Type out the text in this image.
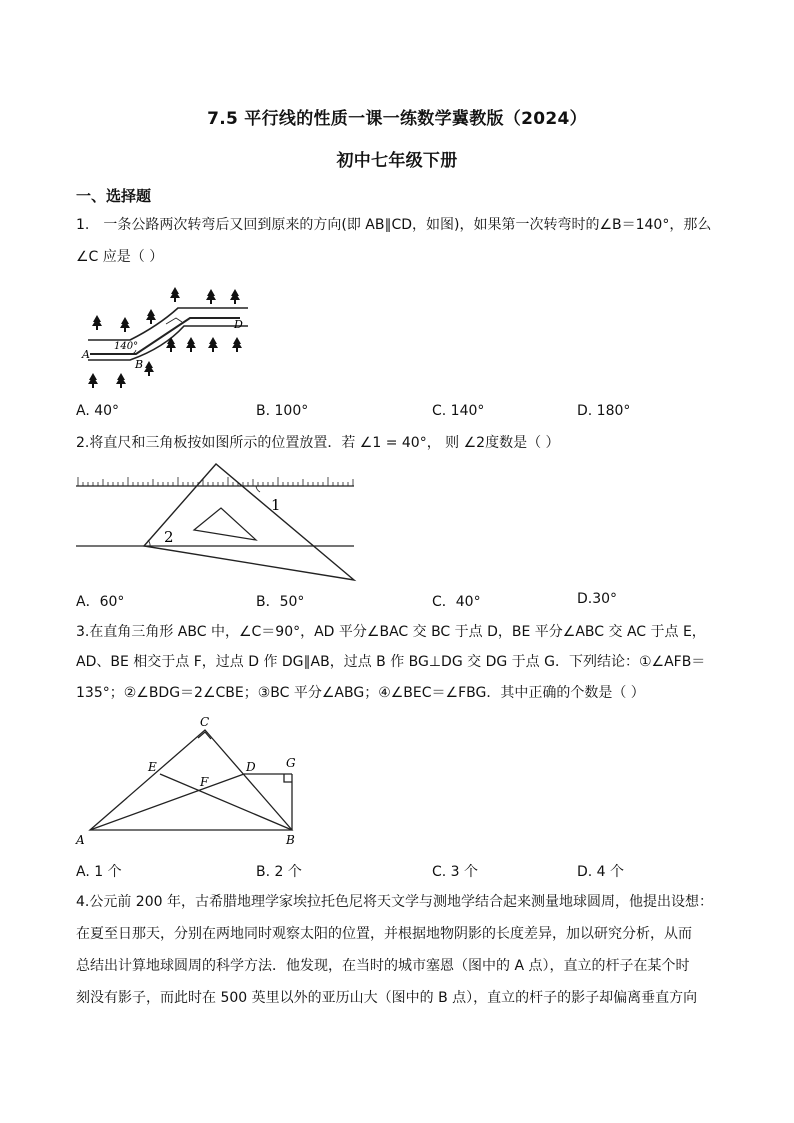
7.5 平行线的性质一课一练数学冀教版（2024）
初中七年级下册
一、选择题
1.　一条公路两次转弯后又回到原来的方向(即 AB∥CD，如图)，如果第一次转弯时的∠B＝140°，那么
∠C 应是（ ）
A
B
D
140°
A. 40°	B. 100°	C. 140°	D. 180°
2.将直尺和三角板按如图所示的位置放置．若 ∠1 = 40°， 则 ∠2度数是（ ）
1
2
A．60°	B．50°	C．40°	D.30°
3.在直角三角形 ABC 中，∠C＝90°，AD 平分∠BAC 交 BC 于点 D，BE 平分∠ABC 交 AC 于点 E，
AD、BE 相交于点 F，过点 D 作 DG∥AB，过点 B 作 BG⊥DG 交 DG 于点 G．下列结论：①∠AFB＝
135°；②∠BDG＝2∠CBE；③BC 平分∠ABG；④∠BEC＝∠FBG．其中正确的个数是（ ）
C
E	D	G
F
A	B
A. 1 个	B. 2 个	C. 3 个	D. 4 个
4.公元前 200 年，古希腊地理学家埃拉托色尼将天文学与测地学结合起来测量地球圆周，他提出设想：
在夏至日那天，分别在两地同时观察太阳的位置，并根据地物阴影的长度差异，加以研究分析，从而
总结出计算地球圆周的科学方法．他发现，在当时的城市塞恩（图中的 A 点），直立的杆子在某个时
刻没有影子，而此时在 500 英里以外的亚历山大（图中的 B 点），直立的杆子的影子却偏离垂直方向
